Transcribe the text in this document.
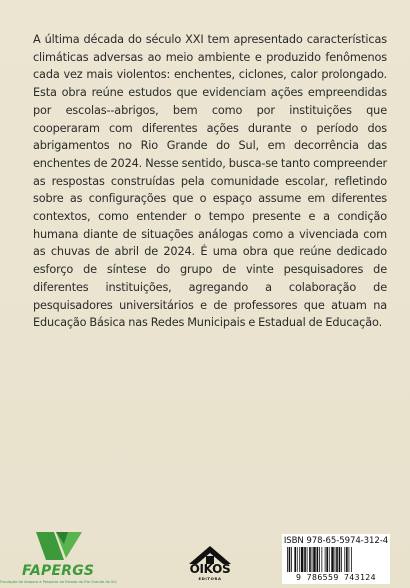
A última década do século XXI tem apresentado características climáticas adversas ao meio ambiente e produzido fenômenos cada vez mais violentos: enchentes, ciclones, calor prolongado. Esta obra reúne estudos que evidenciam ações empreendidas por escolas--abrigos, bem como por instituições que cooperaram com diferentes ações durante o período dos abrigamentos no Rio Grande do Sul, em decorrência das enchentes de 2024. Nesse sentido, busca-se tanto compreender as respostas construídas pela comunidade escolar, refletindo sobre as configurações que o espaço assume em diferentes contextos, como entender o tempo presente e a condição humana diante de situações análogas como a vivenciada com as chuvas de abril de 2024. É uma obra que reúne dedicado esforço de síntese do grupo de vinte pesquisadores de diferentes instituições, agregando a colaboração de pesquisadores universitários e de professores que atuam na Educação Básica nas Redes Municipais e Estadual de Educação.

FAPERGS
Fundação de Amparo à Pesquisa do Estado do Rio Grande do Sul
OIKOS
EDITORA
ISBN 978-65-5974-312-4
9 786559 743124
